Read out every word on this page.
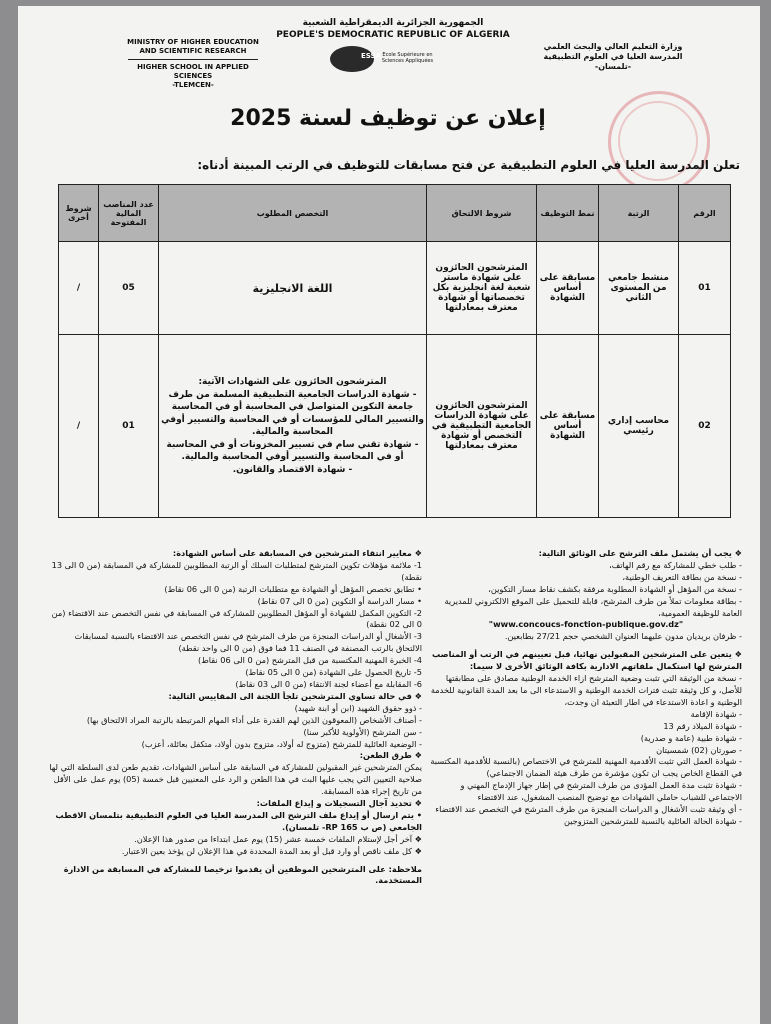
الجمهورية الجزائرية الديمقراطية الشعبية
PEOPLE'S DEMOCRATIC REPUBLIC OF ALGERIA
MINISTRY OF HIGHER EDUCATION
AND SCIENTIFIC RESEARCH
HIGHER SCHOOL IN APPLIED SCIENCES
-TLEMCEN-
وزارة التعليم العالي والبحث العلمي
المدرسة العليا في العلوم التطبيقية
-تلمسان-
ESSA Ecole Supérieure en Sciences Appliquées
إعلان عن توظيف لسنة 2025
تعلن المدرسة العليا في العلوم التطبيقية عن فتح مسابقات للتوظيف في الرتب المبينة أدناه:
الرقم	الرتبة	نمط التوظيف	شروط الالتحاق	التخصص المطلوب	عدد المناصب المالية المفتوحة	شروط أخرى
01	منشط جامعي من المستوى الثاني	مسابقة على أساس الشهادة	المترشحون الحائزون على شهادة ماستر شعبة لغة انجليزية بكل تخصصاتها أو شهادة معترف بمعادلتها	اللغة الانجليزية	05	/
02	محاسب إداري رئيسي	مسابقة على أساس الشهادة	المترشحون الحائزون على شهادة الدراسات الجامعية التطبيقية في التخصص أو شهادة معترف بمعادلتها	المترشحون الحائزون على الشهادات الآتية:
- شهادة الدراسات الجامعية التطبيقية المسلمة من طرف جامعة التكوين المتواصل في المحاسبة أو في المحاسبة والتسيير المالي للمؤسسات أو في المحاسبة والتسيير أوفي المحاسبة والمالية.
- شهادة تقني سام في تسيير المخزونات أو في المحاسبة أو في المحاسبة والتسيير أوفي المحاسبة والمالية.
- شهادة الاقتصاد والقانون.	01	/
❖ يجب أن يشتمل ملف الترشح على الوثائق التالية:
- طلب خطي للمشاركة مع رقم الهاتف،
- نسخة من بطاقة التعريف الوطنية،
- نسخة من المؤهل أو الشهادة المطلوبة مرفقة بكشف نقاط مسار التكوين،
- بطاقة معلومات تملأ من طرف المترشح، قابلة للتحميل على الموقع الالكتروني للمديرية العامة للوظيفة العمومية،
"www.concoucs-fonction-publique.gov.dz"
- ظرفان بريديان مدون عليهما العنوان الشخصي حجم 27/21 بطابعين.
❖ يتعين على المترشحين المقبولين نهائيا، قبل تعيينهم في الرتب أو المناصب المترشح لها استكمال ملفاتهم الادارية بكافة الوثائق الأخرى لا سيما:
- نسخة من الوثيقة التي تثبت وضعية المترشح ازاء الخدمة الوطنية مصادق على مطابقتها للأصل، و كل وثيقة تثبث فترات الخدمة الوطنية و الاستدعاء الى ما بعد المدة القانونية للخدمة الوطنية و اعادة الاستدعاء في اطار التعبئة ان وجدت،
- شهادة الإقامة
- شهادة الميلاد رقم 13
- شهادة طبية (عامة و صدرية)
- صورتان (02) شمسيتان
- شهادة العمل التي تثبت الأقدمية المهنية للمترشح في الاختصاص (بالنسبة للأقدمية المكتسبة في القطاع الخاص يجب ان تكون مؤشرة من طرف هيئة الضمان الاجتماعي)
- شهادة تثبت مدة العمل المؤدى من طرف المترشح في إطار جهاز الإدماج المهني و الاجتماعي للشباب حاملي الشهادات مع توضيح المنصب المشغول، عند الاقتضاء
- أي وثيقة تثبت الأشغال و الدراسات المنجزة من طرف المترشح في التخصص عند الاقتضاء
- شهادة الحالة العائلية بالنسبة للمترشحين المتزوجين
❖ معايير انتقاء المترشحين في المسابقة على أساس الشهادة:
1- ملائمة مؤهلات تكوين المترشح لمتطلبات السلك أو الرتبة المطلوبين للمشاركة في المسابقة (من 0 الى 13 نقطة)
• تطابق تخصص المؤهل أو الشهادة مع متطلبات الرتبة (من 0 الى 06 نقاط)
• مسار الدراسة أو التكوين (من 0 الى 07 نقاط)
2- التكوين المكمل للشهادة أو المؤهل المطلوبين للمشاركة في المسابقة في نفس التخصص عند الاقتضاء (من 0 الى 02 نقطة)
3- الأشغال أو الدراسات المنجزة من طرف المترشح في نفس التخصص عند الاقتضاء بالنسبة لمسابقات الالتحاق بالرتب المصنفة في الصنف 11 فما فوق (من 0 الى واحد نقطة)
4- الخبرة المهنية المكتسبة من قبل المترشح (من 0 الى 06 نقاط)
5- تاريخ الحصول على الشهادة (من 0 الى 05 نقاط)
6- المقابلة مع أعضاء لجنة الانتقاء (من 0 الى 03 نقاط)
❖ في حالة تساوي المترشحين تلجأ اللجنة الى المقاييس التالية:
- ذوو حقوق الشهيد (ابن أو ابنة شهيد)
- أصناف الأشخاص (المعوقون الذين لهم القدرة على أداء المهام المرتبطة بالرتبة المراد الالتحاق بها)
- سن المترشح (الأولوية للأكبر سنا)
- الوضعية العائلية للمترشح (متزوج له أولاد، متزوج بدون أولاد، متكفل بعائلة، أعزب)
❖ طرق الطعن:
يمكن المترشحين غير المقبولين للمشاركة في السابقة على أساس الشهادات، تقديم طعن لدى السلطة التي لها صلاحية التعيين التي يجب عليها البث في هذا الطعن و الرد على المعنيين قبل خمسة (05) يوم عمل على الأقل من تاريخ إجراء هذه المسابقة.
❖ تحديد آجال التسجيلات و إيداع الملفات:
• يتم ارسال أو إيداع ملف الترشح الى المدرسة العليا في العلوم التطبيقية بتلمسان الاقطب الجامعي (ص ب 165 RP- تلمسان).
❖ آخر أجل لإستلام الملفات خمسة عشر (15) يوم عمل ابتداءا من صدور هذا الإعلان.
❖ كل ملف ناقص أو وارد قبل أو بعد المدة المحددة في هذا الإعلان لن يؤخذ بعين الاعتبار.
ملاحظة: على المترشحين الموظفين أن يقدموا ترخيصا للمشاركة في المسابقة من الادارة المستخدمة.
